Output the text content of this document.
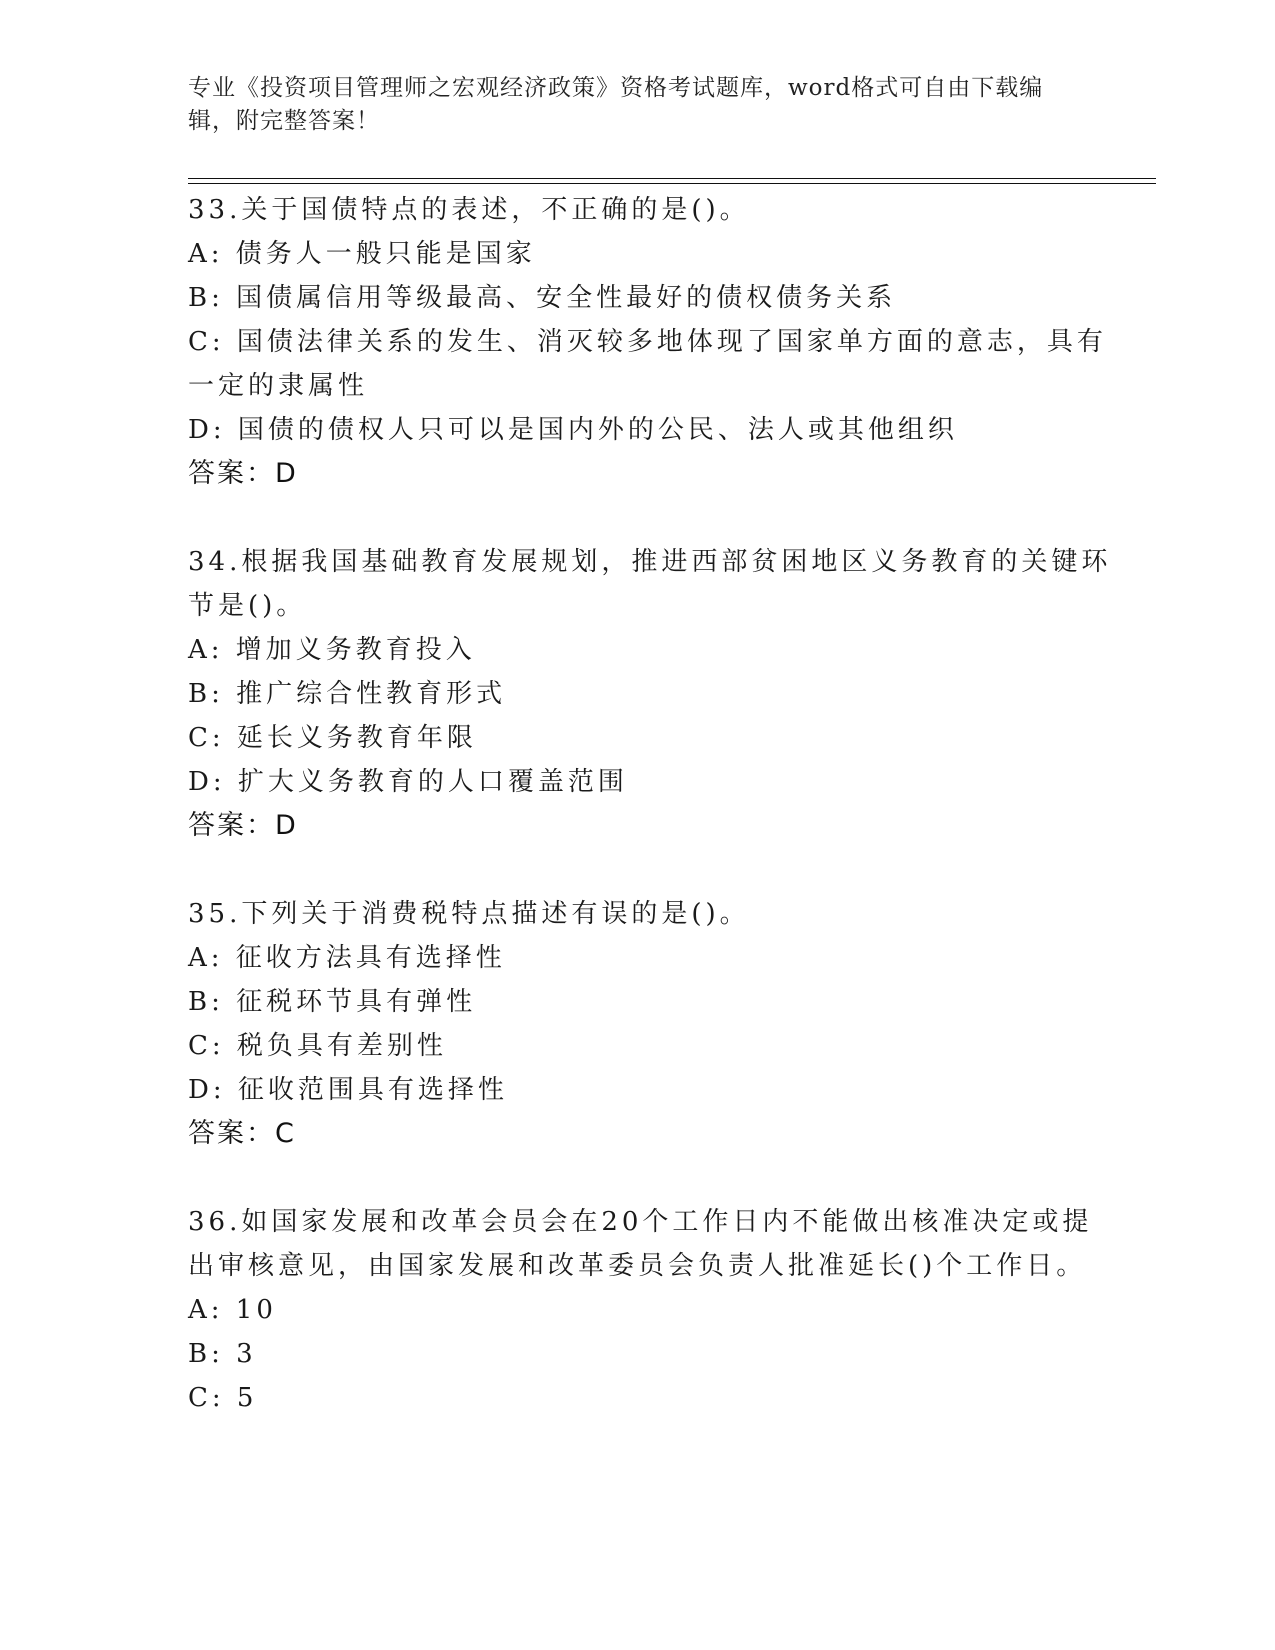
专业《投资项目管理师之宏观经济政策》资格考试题库，word格式可自由下载编
辑，附完整答案！
33.关于国债特点的表述，不正确的是()。
A: 债务人一般只能是国家
B: 国债属信用等级最高、安全性最好的债权债务关系
C: 国债法律关系的发生、消灭较多地体现了国家单方面的意志，具有
一定的隶属性
D: 国债的债权人只可以是国内外的公民、法人或其他组织
答案：D
34.根据我国基础教育发展规划，推进西部贫困地区义务教育的关键环
节是()。
A: 增加义务教育投入
B: 推广综合性教育形式
C: 延长义务教育年限
D: 扩大义务教育的人口覆盖范围
答案：D
35.下列关于消费税特点描述有误的是()。
A: 征收方法具有选择性
B: 征税环节具有弹性
C: 税负具有差别性
D: 征收范围具有选择性
答案：C
36.如国家发展和改革会员会在20个工作日内不能做出核准决定或提
出审核意见，由国家发展和改革委员会负责人批准延长()个工作日。
A: 10
B: 3
C: 5
